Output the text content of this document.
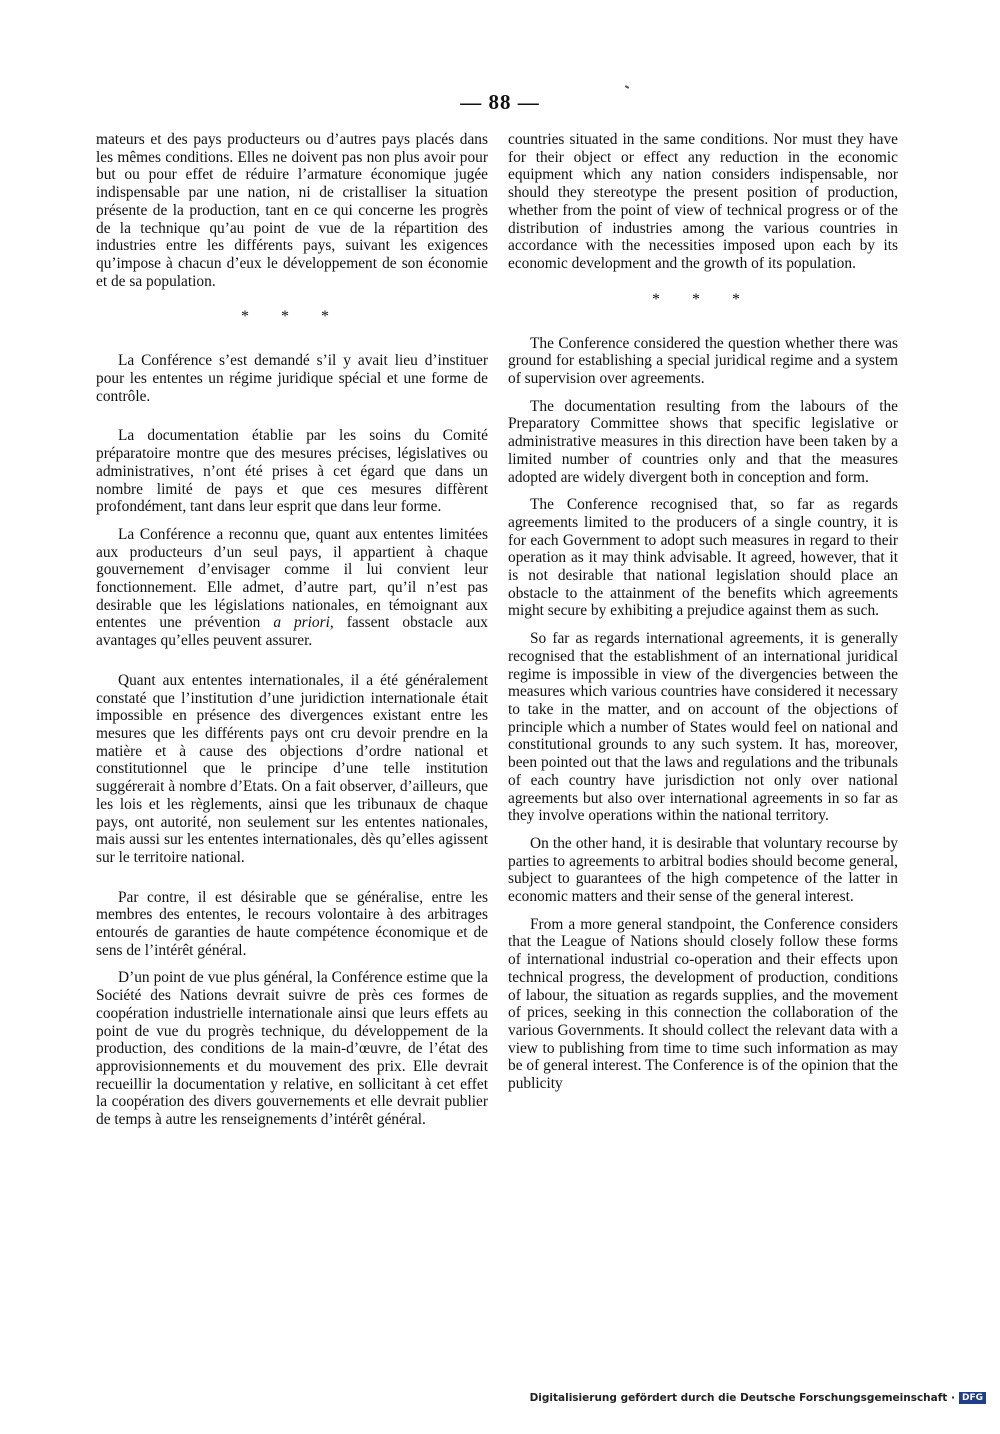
— 88 —

mateurs et des pays producteurs ou d’autres pays placés dans les mêmes conditions. Elles ne doivent pas non plus avoir pour but ou pour effet de réduire l’armature économique jugée indispensable par une nation, ni de cristalliser la situation présente de la production, tant en ce qui concerne les progrès de la technique qu’au point de vue de la répartition des industries entre les différents pays, suivant les exigences qu’impose à chacun d’eux le développement de son économie et de sa population.

* * *

La Conférence s’est demandé s’il y avait lieu d’instituer pour les ententes un régime juridique spécial et une forme de contrôle.

La documentation établie par les soins du Comité préparatoire montre que des mesures précises, législatives ou administratives, n’ont été prises à cet égard que dans un nombre limité de pays et que ces mesures diffèrent profondément, tant dans leur esprit que dans leur forme.

La Conférence a reconnu que, quant aux ententes limitées aux producteurs d’un seul pays, il appartient à chaque gouvernement d’envisager comme il lui convient leur fonctionnement. Elle admet, d’autre part, qu’il n’est pas desirable que les législations nationales, en témoignant aux ententes une prévention a priori, fassent obstacle aux avantages qu’elles peuvent assurer.

Quant aux ententes internationales, il a été généralement constaté que l’institution d’une juridiction internationale était impossible en présence des divergences existant entre les mesures que les différents pays ont cru devoir prendre en la matière et à cause des objections d’ordre national et constitutionnel que le principe d’une telle institution suggérerait à nombre d’Etats. On a fait observer, d’ailleurs, que les lois et les règlements, ainsi que les tribunaux de chaque pays, ont autorité, non seulement sur les ententes nationales, mais aussi sur les ententes internationales, dès qu’elles agissent sur le territoire national.

Par contre, il est désirable que se généralise, entre les membres des ententes, le recours volontaire à des arbitrages entourés de garanties de haute compétence économique et de sens de l’intérêt général.

D’un point de vue plus général, la Conférence estime que la Société des Nations devrait suivre de près ces formes de coopération industrielle internationale ainsi que leurs effets au point de vue du progrès technique, du développement de la production, des conditions de la main-d’œuvre, de l’état des approvisionnements et du mouvement des prix. Elle devrait recueillir la documentation y relative, en sollicitant à cet effet la coopération des divers gouvernements et elle devrait publier de temps à autre les renseignements d’intérêt général.

countries situated in the same conditions. Nor must they have for their object or effect any reduction in the economic equipment which any nation considers indispensable, nor should they stereotype the present position of production, whether from the point of view of technical progress or of the distribution of industries among the various countries in accordance with the necessities imposed upon each by its economic development and the growth of its population.

* * *

The Conference considered the question whether there was ground for establishing a special juridical regime and a system of supervision over agreements.

The documentation resulting from the labours of the Preparatory Committee shows that specific legislative or administrative measures in this direction have been taken by a limited number of countries only and that the measures adopted are widely divergent both in conception and form.

The Conference recognised that, so far as regards agreements limited to the producers of a single country, it is for each Government to adopt such measures in regard to their operation as it may think advisable. It agreed, however, that it is not desirable that national legislation should place an obstacle to the attainment of the benefits which agreements might secure by exhibiting a prejudice against them as such.

So far as regards international agreements, it is generally recognised that the establishment of an international juridical regime is impossible in view of the divergencies between the measures which various countries have considered it necessary to take in the matter, and on account of the objections of principle which a number of States would feel on national and constitutional grounds to any such system. It has, moreover, been pointed out that the laws and regulations and the tribunals of each country have jurisdiction not only over national agreements but also over international agreements in so far as they involve operations within the national territory.

On the other hand, it is desirable that voluntary recourse by parties to agreements to arbitral bodies should become general, subject to guarantees of the high competence of the latter in economic matters and their sense of the general interest.

From a more general standpoint, the Conference considers that the League of Nations should closely follow these forms of international industrial co-operation and their effects upon technical progress, the development of production, conditions of labour, the situation as regards supplies, and the movement of prices, seeking in this connection the collaboration of the various Governments. It should collect the relevant data with a view to publishing from time to time such information as may be of general interest. The Conference is of the opinion that the publicity

Digitalisierung gefördert durch die Deutsche Forschungsgemeinschaft · DFG
